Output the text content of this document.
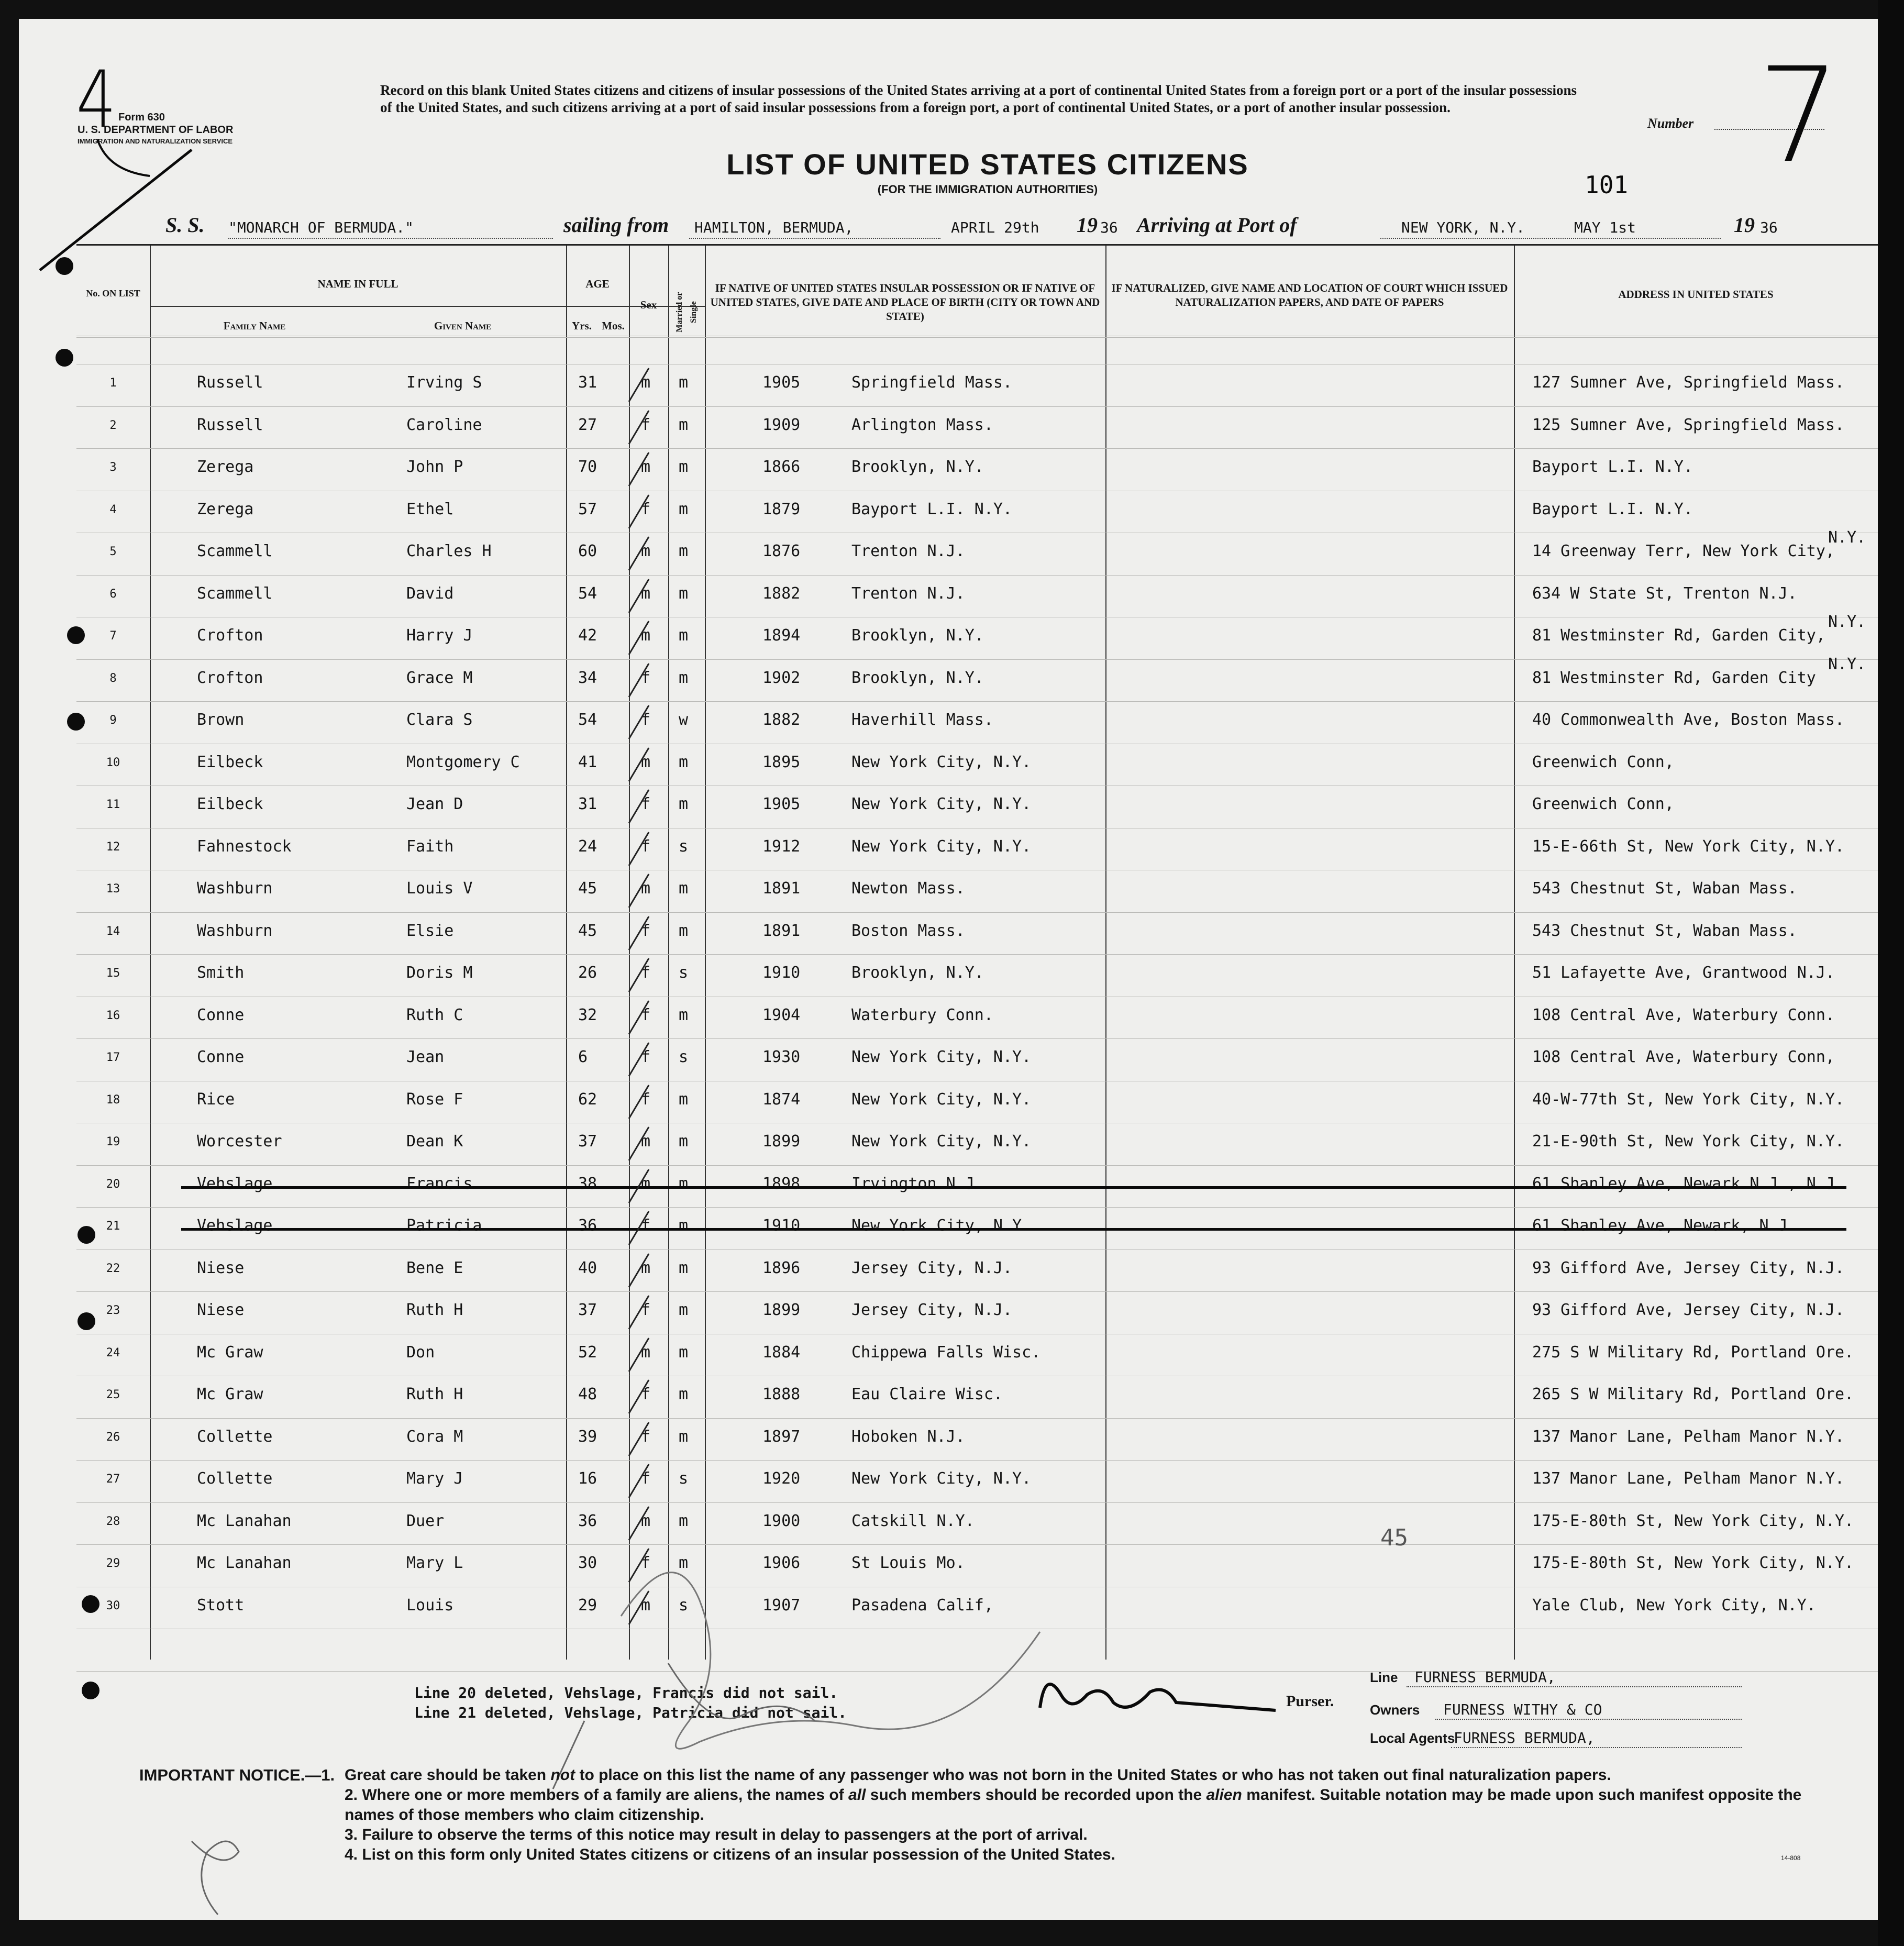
Form 630
U. S. DEPARTMENT OF LABOR
IMMIGRATION AND NATURALIZATION SERVICE
4	Record on this blank United States citizens and citizens of insular possessions of the United States arriving at a port of continental United States from a foreign port or a port of the insular possessions of the United States, and such citizens arriving at a port of said insular possessions from a foreign port, a port of continental United States, or a port of another insular possession.
LIST OF UNITED STATES CITIZENS
(FOR THE IMMIGRATION AUTHORITIES)
Number 7
101
S. S. "MONARCH OF BERMUDA."	sailing from HAMILTON, BERMUDA,	APRIL 29th 19 36 Arriving at Port of	NEW YORK, N.Y.	MAY 1st	19 36
No. ON LIST
NAME IN FULL
Family Name	Given Name
AGE
Yrs. Mos.
Sex	Married or Single
IF NATIVE OF UNITED STATES INSULAR POSSESSION OR IF NATIVE OF UNITED STATES, GIVE DATE AND PLACE OF BIRTH (CITY OR TOWN AND STATE)
IF NATURALIZED, GIVE NAME AND LOCATION OF COURT WHICH ISSUED NATURALIZATION PAPERS, AND DATE OF PAPERS
ADDRESS IN UNITED STATES
1	Russell	Irving S	31	m m	1905	Springfield Mass.	127 Sumner Ave, Springfield Mass.
2	Russell	Caroline	27	f m	1909	Arlington Mass.	125 Sumner Ave, Springfield Mass.
3	Zerega	John P	70	m m	1866	Brooklyn, N.Y.	Bayport L.I. N.Y.
4	Zerega	Ethel	57	f m	1879	Bayport L.I. N.Y.	Bayport L.I. N.Y.
5	Scammell	Charles H	60	m m	1876	Trenton N.J.	14 Greenway Terr, New York City,
N.Y.
6	Scammell	David	54	m m	1882	Trenton N.J.	634 W State St, Trenton N.J.
7	Crofton	Harry J	42	m m	1894	Brooklyn, N.Y.	81 Westminster Rd, Garden City,
N.Y.
8	Crofton	Grace M	34	f m	1902	Brooklyn, N.Y.	81 Westminster Rd, Garden City
N.Y.
9	Brown	Clara S	54	f w	1882	Haverhill Mass.	40 Commonwealth Ave, Boston Mass.
10	Eilbeck	Montgomery C	41	m m	1895	New York City, N.Y.	Greenwich Conn,
11	Eilbeck	Jean D	31	f m	1905	New York City, N.Y.	Greenwich Conn,
12	Fahnestock	Faith	24	f s	1912	New York City, N.Y.	15-E-66th St, New York City, N.Y.
13	Washburn	Louis V	45	m m	1891	Newton Mass.	543 Chestnut St, Waban Mass.
14	Washburn	Elsie	45	f m	1891	Boston Mass.	543 Chestnut St, Waban Mass.
15	Smith	Doris M	26	f s	1910	Brooklyn, N.Y.	51 Lafayette Ave, Grantwood N.J.
16	Conne	Ruth C	32	f m	1904	Waterbury Conn.	108 Central Ave, Waterbury Conn.
17	Conne	Jean	6	f s	1930	New York City, N.Y.	108 Central Ave, Waterbury Conn,
18	Rice	Rose F	62	f m	1874	New York City, N.Y.	40-W-77th St, New York City, N.Y.
19	Worcester	Dean K	37	m m	1899	New York City, N.Y.	21-E-90th St, New York City, N.Y.
20	Vehslage	Francis	38	m m	1898	Irvington N.J.	61 Shanley Ave, Newark N.J., N.J.
21	Vehslage	Patricia	36	f m	1910	New York City, N.Y.	61 Shanley Ave, Newark, N.J.
22	Niese	Bene E	40	m m	1896	Jersey City, N.J.	93 Gifford Ave, Jersey City, N.J.
23	Niese	Ruth H	37	f m	1899	Jersey City, N.J.	93 Gifford Ave, Jersey City, N.J.
24	Mc Graw	Don	52	m m	1884	Chippewa Falls Wisc.	275 S W Military Rd, Portland Ore.
25	Mc Graw	Ruth H	48	f m	1888	Eau Claire Wisc.	265 S W Military Rd, Portland Ore.
26	Collette	Cora M	39	f m	1897	Hoboken N.J.	137 Manor Lane, Pelham Manor N.Y.
27	Collette	Mary J	16	f s	1920	New York City, N.Y.	137 Manor Lane, Pelham Manor N.Y.
28	Mc Lanahan	Duer	36	m m	1900	Catskill N.Y.	175-E-80th St, New York City, N.Y.
29	Mc Lanahan	Mary L	30	f m	1906	St Louis Mo.	175-E-80th St, New York City, N.Y.
30	Stott	Louis	29	m s	1907	Pasadena Calif,	Yale Club, New York City, N.Y.
45
Line 20 deleted, Vehslage, Francis did not sail.
Line 21 deleted, Vehslage, Patricia did not sail.
Purser.
Line FURNESS BERMUDA,
Owners FURNESS WITHY & CO
Local Agents
FURNESS BERMUDA,
IMPORTANT NOTICE.—1. Great care should be taken not to place on this list the name of any passenger who was not born in the United States or who has not taken out final naturalization papers.
2. Where one or more members of a family are aliens, the names of all such members should be recorded upon the alien manifest. Suitable notation may be made upon such manifest opposite the names of those members who claim citizenship.
3. Failure to observe the terms of this notice may result in delay to passengers at the port of arrival.
4. List on this form only United States citizens or citizens of an insular possession of the United States.	14-808
